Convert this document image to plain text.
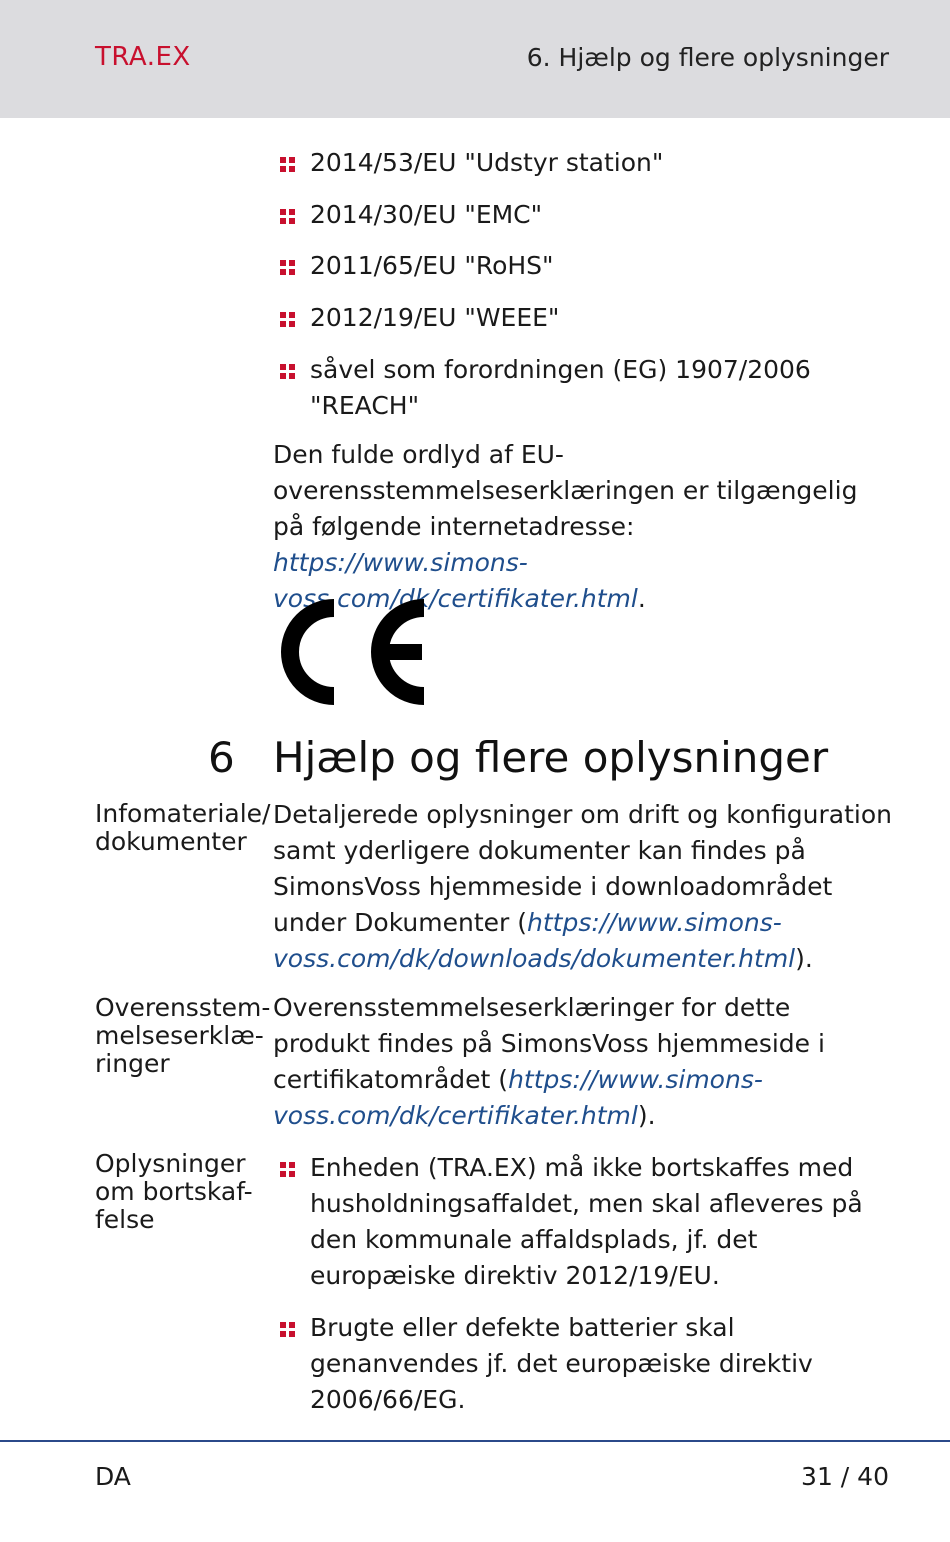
TRA.EX	6. Hjælp og flere oplysninger
2014/53/EU "Udstyr station"
2014/30/EU "EMC"
2011/65/EU "RoHS"
2012/19/EU "WEEE"
såvel som forordningen (EG) 1907/2006 "REACH"
Den fulde ordlyd af EU-overensstemmelseserklæringen er tilgængelig på følgende internetadresse: https://www.simons-voss.com/dk/certifikater.html.
6 Hjælp og flere oplysninger
Infomateriale/ dokumenter
Detaljerede oplysninger om drift og konfiguration samt yderligere dokumenter kan findes på SimonsVoss hjemmeside i downloadområdet under Dokumenter (https://www.simons-voss.com/dk/downloads/dokumenter.html).
Overensstem-melseserklæ-ringer
Overensstemmelseserklæringer for dette produkt findes på SimonsVoss hjemmeside i certifikatområdet (https://www.simons-voss.com/dk/certifikater.html).
Oplysninger om bortskaf-felse
Enheden (TRA.EX) må ikke bortskaffes med husholdningsaffaldet, men skal afleveres på den kommunale affaldsplads, jf. det europæiske direktiv 2012/19/EU.
Brugte eller defekte batterier skal genanvendes jf. det europæiske direktiv 2006/66/EG.
DA	31 / 40
